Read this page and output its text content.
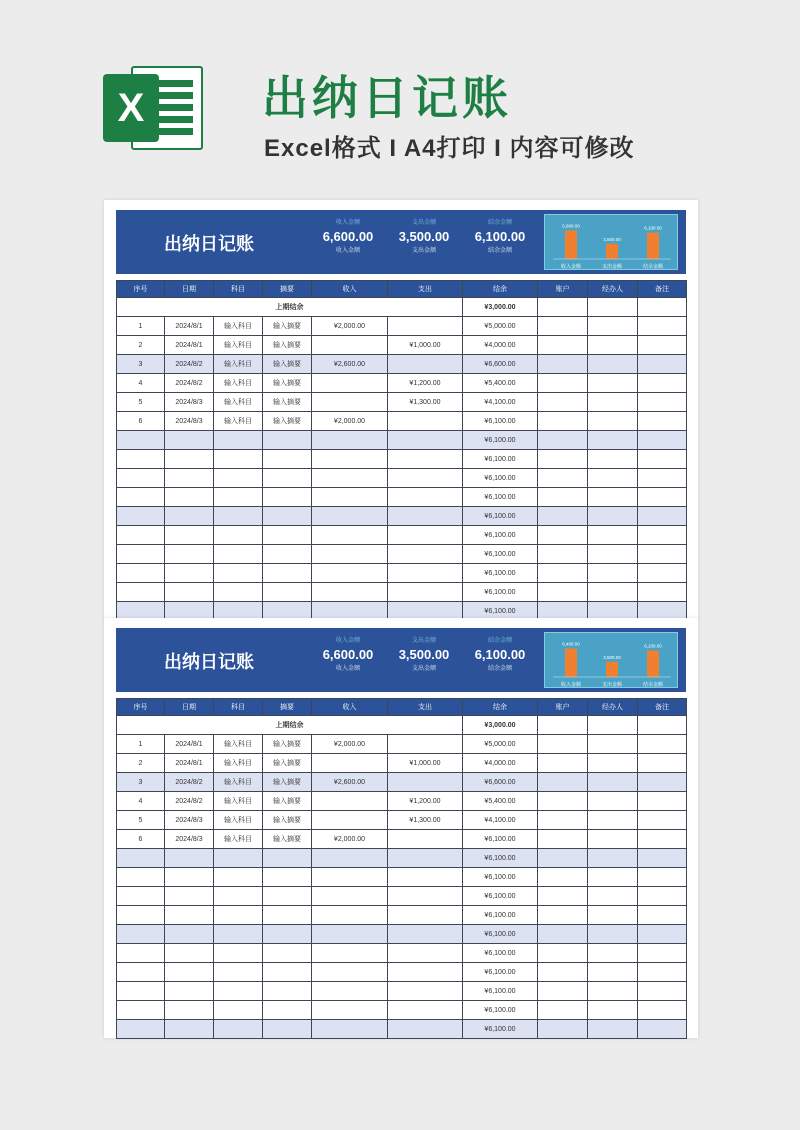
X	出纳日记账
Excel格式 I A4打印 I 内容可修改
出纳日记账
收入金额
6,600.00
收入金额
支出金额
3,500.00
支出金额
结余金额
6,100.00
结余金额
6,600.00
收入金额
3,500.00
支出金额
6,100.00
结余金额
序号	日期	科目	摘要	收入	支出	结余	账户	经办人	备注
上期结余						¥3,000.00			
1	2024/8/1	输入科目	输入摘要	¥2,000.00		¥5,000.00			
2	2024/8/1	输入科目	输入摘要		¥1,000.00	¥4,000.00			
3	2024/8/2	输入科目	输入摘要	¥2,600.00		¥6,600.00			
4	2024/8/2	输入科目	输入摘要		¥1,200.00	¥5,400.00			
5	2024/8/3	输入科目	输入摘要		¥1,300.00	¥4,100.00			
6	2024/8/3	输入科目	输入摘要	¥2,000.00		¥6,100.00			
						¥6,100.00			
						¥6,100.00			
						¥6,100.00			
						¥6,100.00			
						¥6,100.00			
						¥6,100.00			
						¥6,100.00			
						¥6,100.00			
						¥6,100.00			
						¥6,100.00			
出纳日记账
收入金额
6,600.00
收入金额
支出金额
3,500.00
支出金额
结余金额
6,100.00
结余金额
6,400.00
收入金额
3,500.00
支出金额
6,100.00
结余金额
序号	日期	科目	摘要	收入	支出	结余	账户	经办人	备注
上期结余						¥3,000.00			
1	2024/8/1	输入科目	输入摘要	¥2,000.00		¥5,000.00			
2	2024/8/1	输入科目	输入摘要		¥1,000.00	¥4,000.00			
3	2024/8/2	输入科目	输入摘要	¥2,600.00		¥6,600.00			
4	2024/8/2	输入科目	输入摘要		¥1,200.00	¥5,400.00			
5	2024/8/3	输入科目	输入摘要		¥1,300.00	¥4,100.00			
6	2024/8/3	输入科目	输入摘要	¥2,000.00		¥6,100.00			
						¥6,100.00			
						¥6,100.00			
						¥6,100.00			
						¥6,100.00			
						¥6,100.00			
						¥6,100.00			
						¥6,100.00			
						¥6,100.00			
						¥6,100.00			
						¥6,100.00			
